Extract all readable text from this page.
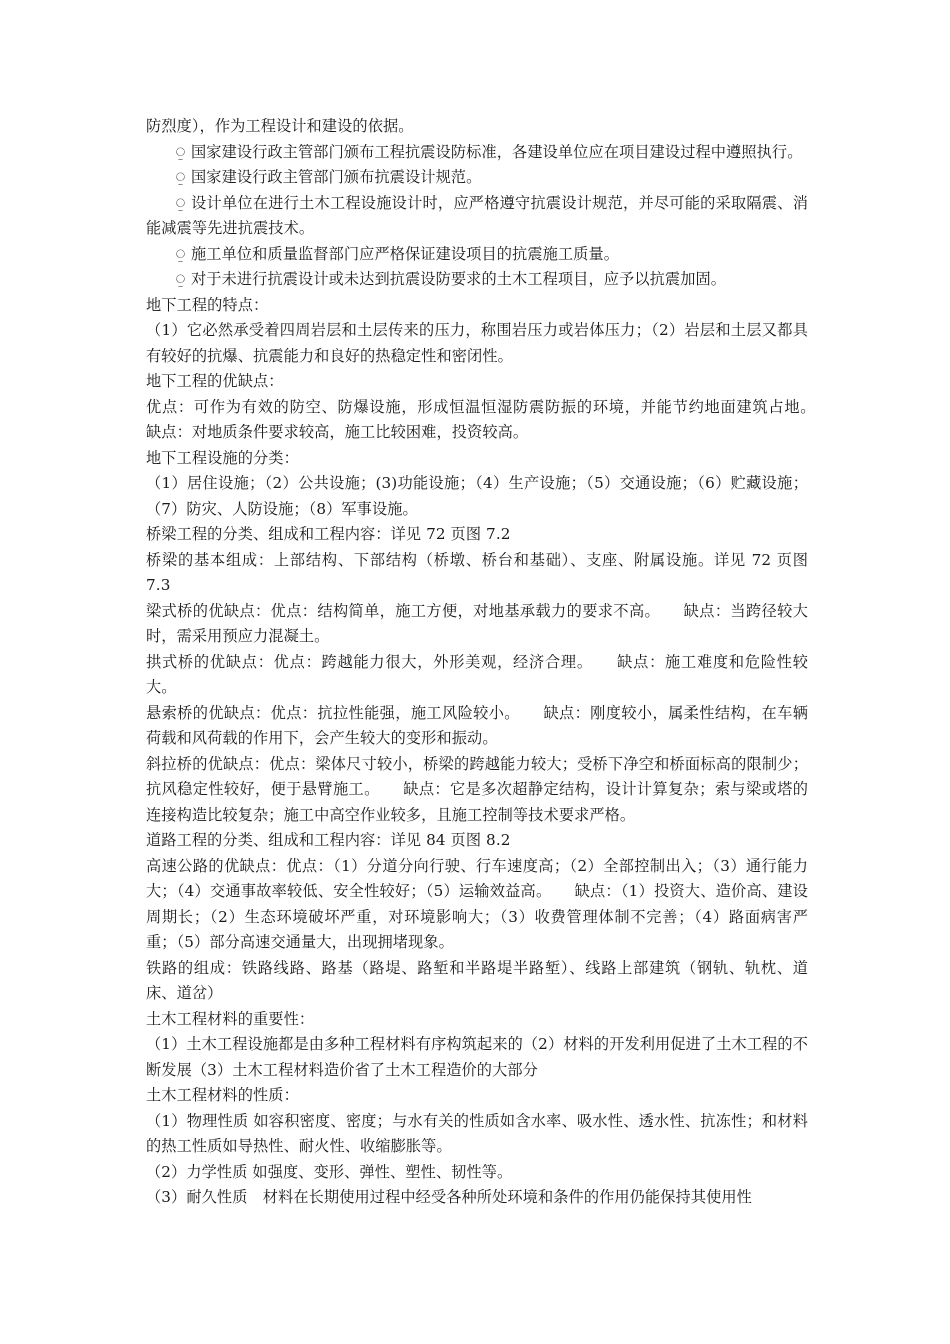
防烈度），作为工程设计和建设的依据。

⍜ 国家建设行政主管部门颁布工程抗震设防标准，各建设单位应在项目建设过程中遵照执行。

⍜ 国家建设行政主管部门颁布抗震设计规范。

⍜ 设计单位在进行土木工程设施设计时，应严格遵守抗震设计规范，并尽可能的采取隔震、消能减震等先进抗震技术。

⍜ 施工单位和质量监督部门应严格保证建设项目的抗震施工质量。

⍜ 对于未进行抗震设计或未达到抗震设防要求的土木工程项目，应予以抗震加固。

地下工程的特点：

（1）它必然承受着四周岩层和土层传来的压力，称围岩压力或岩体压力；（2）岩层和土层又都具有较好的抗爆、抗震能力和良好的热稳定性和密闭性。

地下工程的优缺点：

优点：可作为有效的防空、防爆设施，形成恒温恒湿防震防振的环境，并能节约地面建筑占地。　　缺点：对地质条件要求较高，施工比较困难，投资较高。

地下工程设施的分类：

（1）居住设施；（2）公共设施；(3)功能设施；（4）生产设施；（5）交通设施；（6）贮藏设施；（7）防灾、人防设施；（8）军事设施。

桥梁工程的分类、组成和工程内容：详见 72 页图 7.2

桥梁的基本组成：上部结构、下部结构（桥墩、桥台和基础）、支座、附属设施。详见 72 页图 7.3

梁式桥的优缺点：优点：结构简单，施工方便，对地基承载力的要求不高。　　缺点：当跨径较大时，需采用预应力混凝土。

拱式桥的优缺点：优点：跨越能力很大，外形美观，经济合理。　　缺点：施工难度和危险性较大。

悬索桥的优缺点：优点：抗拉性能强，施工风险较小。　　缺点：刚度较小，属柔性结构，在车辆荷载和风荷载的作用下，会产生较大的变形和振动。

斜拉桥的优缺点：优点：梁体尺寸较小，桥梁的跨越能力较大；受桥下净空和桥面标高的限制少；抗风稳定性较好，便于悬臂施工。　　缺点：它是多次超静定结构，设计计算复杂；索与梁或塔的连接构造比较复杂；施工中高空作业较多，且施工控制等技术要求严格。

道路工程的分类、组成和工程内容：详见 84 页图 8.2

高速公路的优缺点：优点：（1）分道分向行驶、行车速度高；（2）全部控制出入；（3）通行能力大；（4）交通事故率较低、安全性较好；（5）运输效益高。　　缺点：（1）投资大、造价高、建设周期长；（2）生态环境破坏严重，对环境影响大；（3）收费管理体制不完善；（4）路面病害严重；（5）部分高速交通量大，出现拥堵现象。

铁路的组成：铁路线路、路基（路堤、路堑和半路堤半路堑）、线路上部建筑（钢轨、轨枕、道床、道岔）

土木工程材料的重要性：

（1）土木工程设施都是由多种工程材料有序构筑起来的（2）材料的开发利用促进了土木工程的不断发展（3）土木工程材料造价省了土木工程造价的大部分

土木工程材料的性质：

（1）物理性质 如容积密度、密度；与水有关的性质如含水率、吸水性、透水性、抗冻性；和材料的热工性质如导热性、耐火性、收缩膨胀等。

（2）力学性质 如强度、变形、弹性、塑性、韧性等。

（3）耐久性质　材料在长期使用过程中经受各种所处环境和条件的作用仍能保持其使用性
